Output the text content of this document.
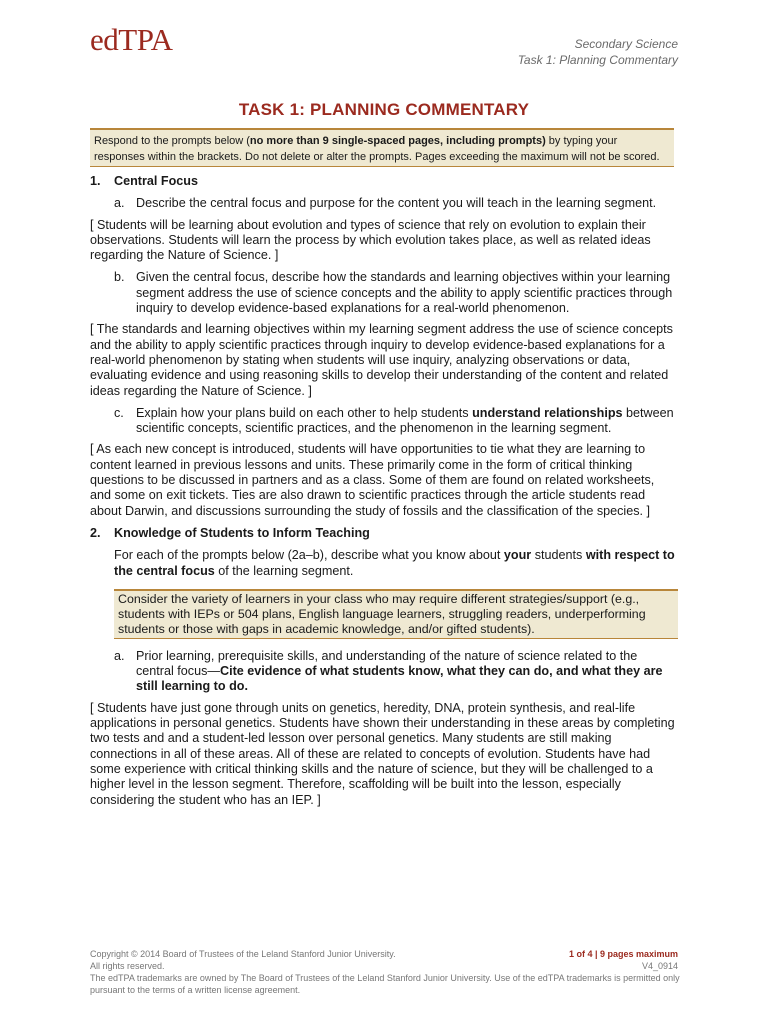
edTPA	Secondary Science
Task 1: Planning Commentary
TASK 1: PLANNING COMMENTARY
Respond to the prompts below (no more than 9 single-spaced pages, including prompts) by typing your responses within the brackets. Do not delete or alter the prompts. Pages exceeding the maximum will not be scored.
1. Central Focus
a. Describe the central focus and purpose for the content you will teach in the learning segment.
[ Students will be learning about evolution and types of science that rely on evolution to explain their observations. Students will learn the process by which evolution takes place, as well as related ideas regarding the Nature of Science. ]
b. Given the central focus, describe how the standards and learning objectives within your learning segment address the use of science concepts and the ability to apply scientific practices through inquiry to develop evidence-based explanations for a real-world phenomenon.
[ The standards and learning objectives within my learning segment address the use of science concepts and the ability to apply scientific practices through inquiry to develop evidence-based explanations for a real-world phenomenon by stating when students will use inquiry, analyzing observations or data, evaluating evidence and using reasoning skills to develop their understanding of the content and related ideas regarding the Nature of Science. ]
c. Explain how your plans build on each other to help students understand relationships between scientific concepts, scientific practices, and the phenomenon in the learning segment.
[ As each new concept is introduced, students will have opportunities to tie what they are learning to content learned in previous lessons and units. These primarily come in the form of critical thinking questions to be discussed in partners and as a class. Some of them are found on related worksheets, and some on exit tickets. Ties are also drawn to scientific practices through the article students read about Darwin, and discussions surrounding the study of fossils and the classification of the species. ]
2. Knowledge of Students to Inform Teaching
For each of the prompts below (2a–b), describe what you know about your students with respect to the central focus of the learning segment.
Consider the variety of learners in your class who may require different strategies/support (e.g., students with IEPs or 504 plans, English language learners, struggling readers, underperforming students or those with gaps in academic knowledge, and/or gifted students).
a. Prior learning, prerequisite skills, and understanding of the nature of science related to the central focus—Cite evidence of what students know, what they can do, and what they are still learning to do.
[ Students have just gone through units on genetics, heredity, DNA, protein synthesis, and real-life applications in personal genetics. Students have shown their understanding in these areas by completing two tests and and a student-led lesson over personal genetics. Many students are still making connections in all of these areas. All of these are related to concepts of evolution. Students have had some experience with critical thinking skills and the nature of science, but they will be challenged to a higher level in the lesson segment. Therefore, scaffolding will be built into the lesson, especially considering the student who has an IEP. ]
Copyright © 2014 Board of Trustees of the Leland Stanford Junior University.
All rights reserved.
The edTPA trademarks are owned by The Board of Trustees of the Leland Stanford Junior University. Use of the edTPA trademarks is permitted only pursuant to the terms of a written license agreement.
1 of 4 | 9 pages maximum
V4_0914
